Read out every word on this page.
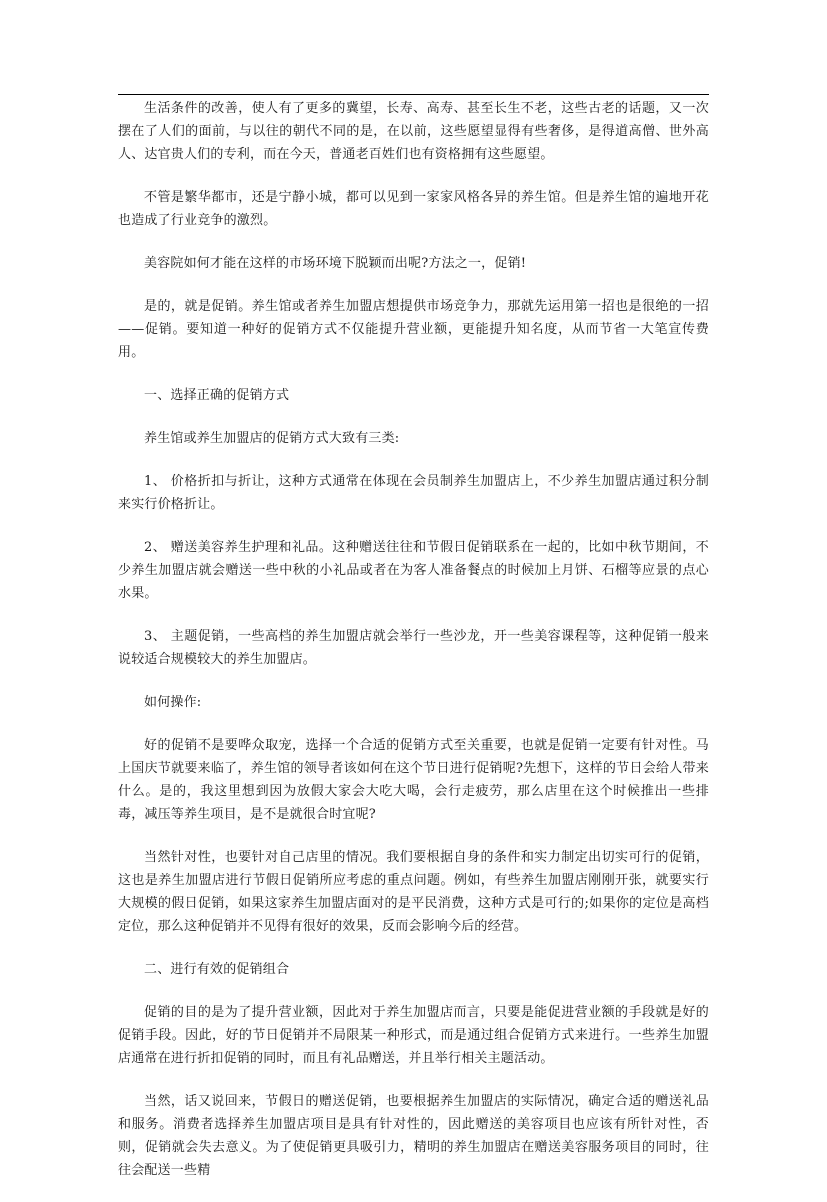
生活条件的改善，使人有了更多的冀望，长寿、高寿、甚至长生不老，这些古老的话题，又一次摆在了人们的面前，与以往的朝代不同的是，在以前，这些愿望显得有些奢侈，是得道高僧、世外高人、达官贵人们的专利，而在今天，普通老百姓们也有资格拥有这些愿望。

不管是繁华都市，还是宁静小城，都可以见到一家家风格各异的养生馆。但是养生馆的遍地开花也造成了行业竞争的激烈。

美容院如何才能在这样的市场环境下脱颖而出呢?方法之一，促销!

是的，就是促销。养生馆或者养生加盟店想提供市场竞争力，那就先运用第一招也是很绝的一招——促销。要知道一种好的促销方式不仅能提升营业额，更能提升知名度，从而节省一大笔宣传费用。

一、选择正确的促销方式

养生馆或养生加盟店的促销方式大致有三类:

1、 价格折扣与折让，这种方式通常在体现在会员制养生加盟店上，不少养生加盟店通过积分制来实行价格折让。

2、 赠送美容养生护理和礼品。这种赠送往往和节假日促销联系在一起的，比如中秋节期间，不少养生加盟店就会赠送一些中秋的小礼品或者在为客人准备餐点的时候加上月饼、石榴等应景的点心水果。

3、 主题促销，一些高档的养生加盟店就会举行一些沙龙，开一些美容课程等，这种促销一般来说较适合规模较大的养生加盟店。

如何操作:

好的促销不是要哗众取宠，选择一个合适的促销方式至关重要，也就是促销一定要有针对性。马上国庆节就要来临了，养生馆的领导者该如何在这个节日进行促销呢?先想下，这样的节日会给人带来什么。是的，我这里想到因为放假大家会大吃大喝，会行走疲劳，那么店里在这个时候推出一些排毒，减压等养生项目，是不是就很合时宜呢?

当然针对性，也要针对自己店里的情况。我们要根据自身的条件和实力制定出切实可行的促销，这也是养生加盟店进行节假日促销所应考虑的重点问题。例如，有些养生加盟店刚刚开张，就要实行大规模的假日促销，如果这家养生加盟店面对的是平民消费，这种方式是可行的;如果你的定位是高档定位，那么这种促销并不见得有很好的效果，反而会影响今后的经营。

二、进行有效的促销组合

促销的目的是为了提升营业额，因此对于养生加盟店而言，只要是能促进营业额的手段就是好的促销手段。因此，好的节日促销并不局限某一种形式，而是通过组合促销方式来进行。一些养生加盟店通常在进行折扣促销的同时，而且有礼品赠送，并且举行相关主题活动。

当然，话又说回来，节假日的赠送促销，也要根据养生加盟店的实际情况，确定合适的赠送礼品和服务。消费者选择养生加盟店项目是具有针对性的，因此赠送的美容项目也应该有所针对性，否则，促销就会失去意义。为了使促销更具吸引力，精明的养生加盟店在赠送美容服务项目的同时，往往会配送一些精
